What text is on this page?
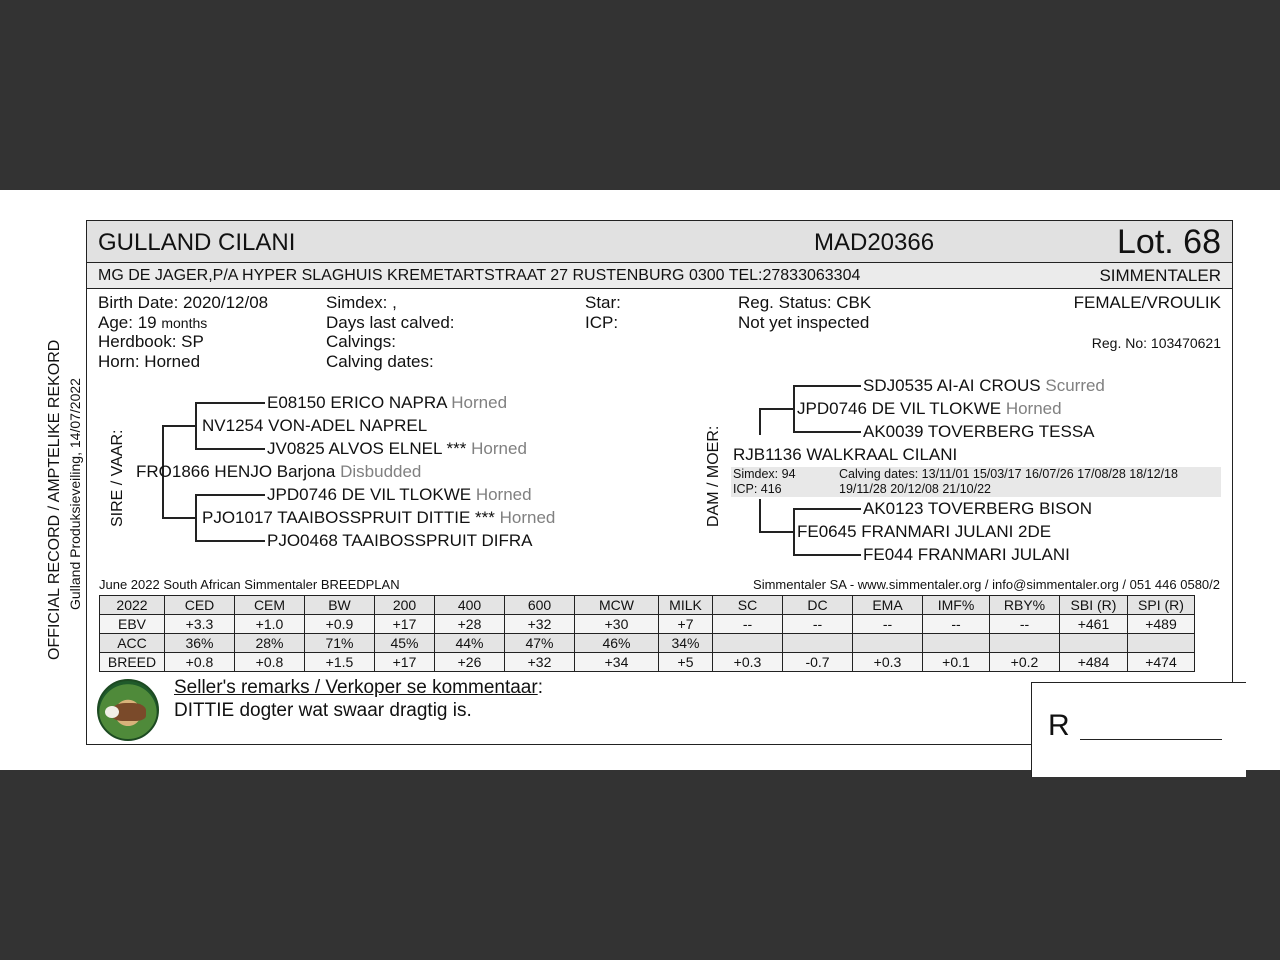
OFFICIAL RECORD / AMPTELIKE REKORD Gulland Produksieveiling, 14/07/2022
GULLAND CILANI	MAD20366	Lot. 68
MG DE JAGER,P/A HYPER SLAGHUIS KREMETARTSTRAAT 27 RUSTENBURG 0300 TEL:27833063304	SIMMENTALER
Birth Date: 2020/12/08
Age: 19 months
Herdbook: SP
Horn: Horned
Simdex: ,
Days last calved:
Calvings:
Calving dates:
Star:
ICP:
Reg. Status: CBK
Not yet inspected
FEMALE/VROULIK
Reg. No: 103470621
SIRE / VAAR:
E08150 ERICO NAPRA Horned
NV1254 VON-ADEL NAPREL
JV0825 ALVOS ELNEL *** Horned
FRO1866 HENJO Barjona Disbudded
JPD0746 DE VIL TLOKWE Horned
PJO1017 TAAIBOSSPRUIT DITTIE *** Horned
PJO0468 TAAIBOSSPRUIT DIFRA
DAM / MOER:
SDJ0535 AI-AI CROUS Scurred
JPD0746 DE VIL TLOKWE Horned
AK0039 TOVERBERG TESSA
RJB1136 WALKRAAL CILANI
Simdex: 94
ICP: 416
Calving dates: 13/11/01 15/03/17 16/07/26 17/08/28 18/12/18
19/11/28 20/12/08 21/10/22
AK0123 TOVERBERG BISON
FE0645 FRANMARI JULANI 2DE
FE044 FRANMARI JULANI
June 2022 South African Simmentaler BREEDPLAN	Simmentaler SA - www.simmentaler.org / info@simmentaler.org / 051 446 0580/2
2022	CED	CEM	BW	200	400	600	MCW	MILK	SC	DC	EMA	IMF%	RBY%	SBI (R)	SPI (R)
EBV	+3.3	+1.0	+0.9	+17	+28	+32	+30	+7	--	--	--	--	--	+461	+489
ACC	36%	28%	71%	45%	44%	47%	46%	34%							
BREED	+0.8	+0.8	+1.5	+17	+26	+32	+34	+5	+0.3	-0.7	+0.3	+0.1	+0.2	+484	+474
Seller's remarks / Verkoper se kommentaar:
DITTIE dogter wat swaar dragtig is.	R
